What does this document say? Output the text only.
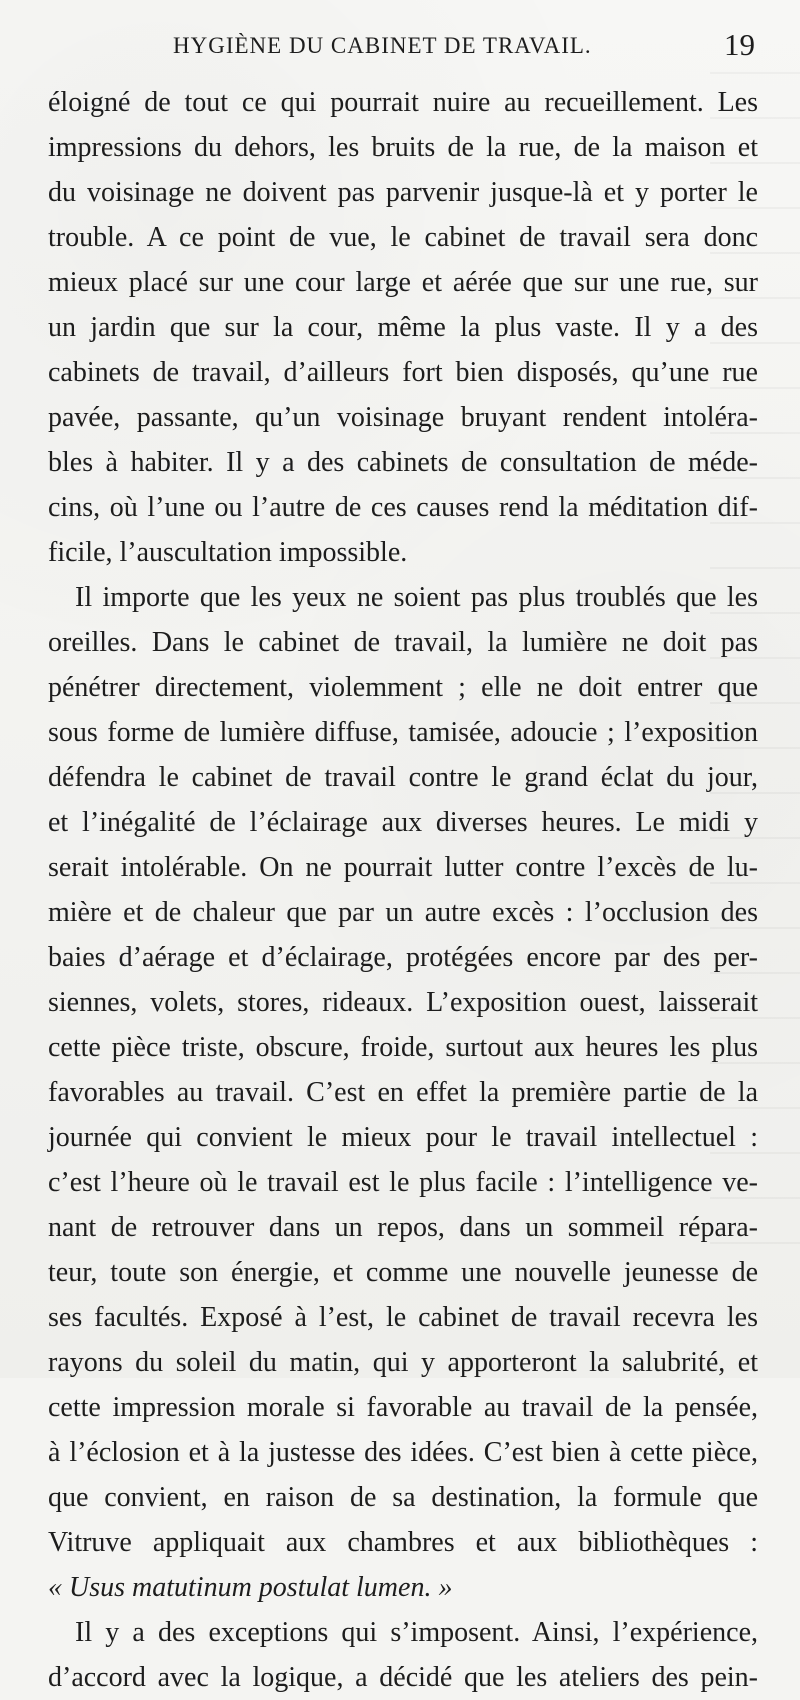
HYGIÈNE DU CABINET DE TRAVAIL.	19
éloigné de tout ce qui pourrait nuire au recueillement. Les
impressions du dehors, les bruits de la rue, de la maison et
du voisinage ne doivent pas parvenir jusque-là et y porter le
trouble. A ce point de vue, le cabinet de travail sera donc
mieux placé sur une cour large et aérée que sur une rue, sur
un jardin que sur la cour, même la plus vaste. Il y a des
cabinets de travail, d’ailleurs fort bien disposés, qu’une rue
pavée, passante, qu’un voisinage bruyant rendent intoléra-
bles à habiter. Il y a des cabinets de consultation de méde-
cins, où l’une ou l’autre de ces causes rend la méditation dif-
ficile, l’auscultation impossible.
Il importe que les yeux ne soient pas plus troublés que les
oreilles. Dans le cabinet de travail, la lumière ne doit pas
pénétrer directement, violemment ; elle ne doit entrer que
sous forme de lumière diffuse, tamisée, adoucie ; l’exposition
défendra le cabinet de travail contre le grand éclat du jour,
et l’inégalité de l’éclairage aux diverses heures. Le midi y
serait intolérable. On ne pourrait lutter contre l’excès de lu-
mière et de chaleur que par un autre excès : l’occlusion des
baies d’aérage et d’éclairage, protégées encore par des per-
siennes, volets, stores, rideaux. L’exposition ouest, laisserait
cette pièce triste, obscure, froide, surtout aux heures les plus
favorables au travail. C’est en effet la première partie de la
journée qui convient le mieux pour le travail intellectuel :
c’est l’heure où le travail est le plus facile : l’intelligence ve-
nant de retrouver dans un repos, dans un sommeil répara-
teur, toute son énergie, et comme une nouvelle jeunesse de
ses facultés. Exposé à l’est, le cabinet de travail recevra les
rayons du soleil du matin, qui y apporteront la salubrité, et
cette impression morale si favorable au travail de la pensée,
à l’éclosion et à la justesse des idées. C’est bien à cette pièce,
que convient, en raison de sa destination, la formule que
Vitruve appliquait aux chambres et aux bibliothèques :
« Usus matutinum postulat lumen. »
Il y a des exceptions qui s’imposent. Ainsi, l’expérience,
d’accord avec la logique, a décidé que les ateliers des pein-
